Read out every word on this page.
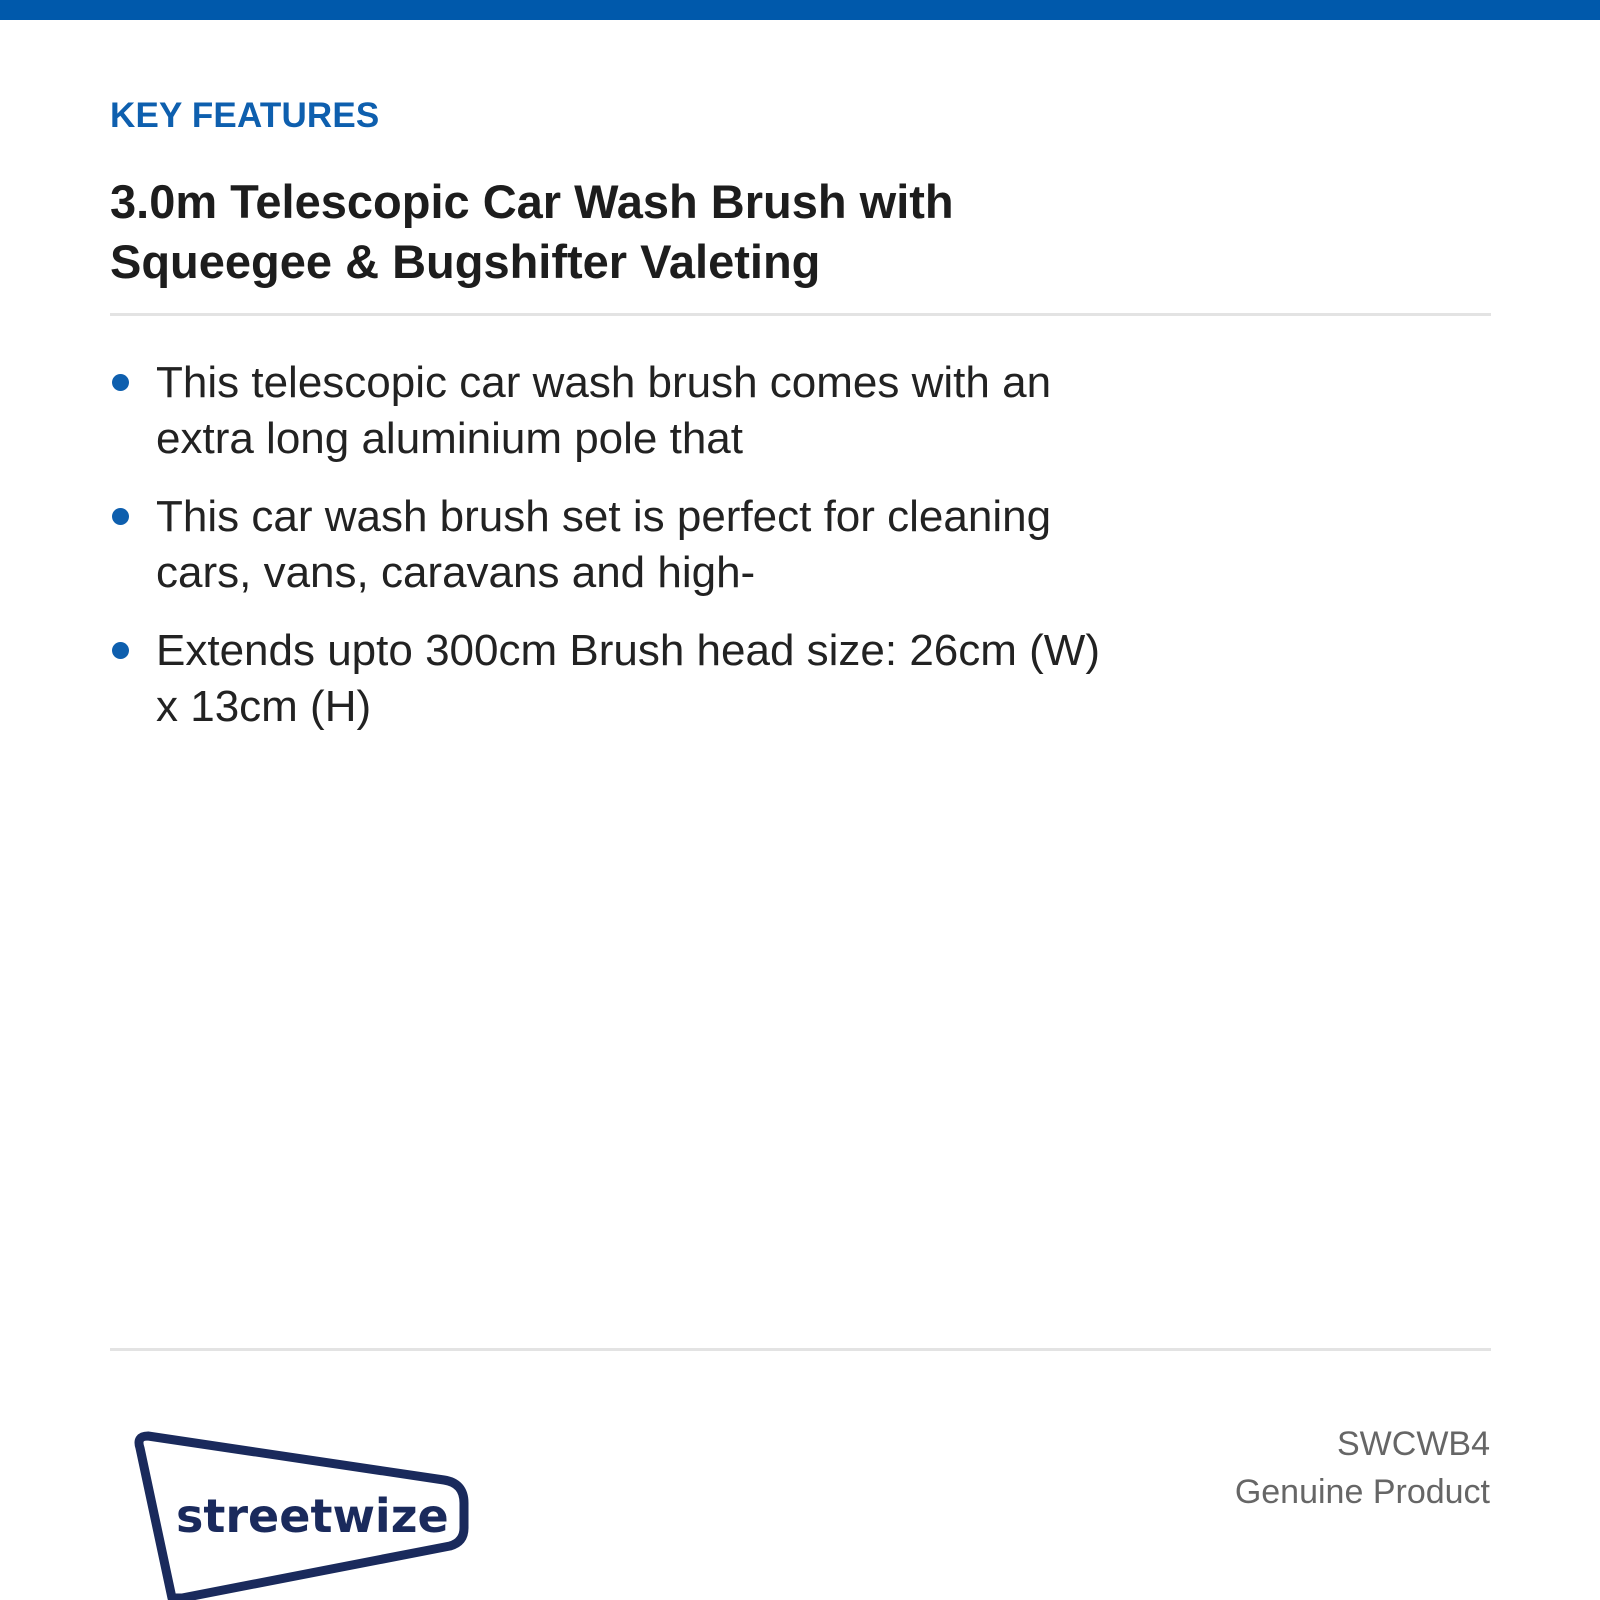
KEY FEATURES
3.0m Telescopic Car Wash Brush with Squeegee & Bugshifter Valeting
This telescopic car wash brush comes with an extra long aluminium pole that
This car wash brush set is perfect for cleaning cars, vans, caravans and high-
Extends upto 300cm Brush head size: 26cm (W) x 13cm (H)
streetwize
SWCWB4
Genuine Product
